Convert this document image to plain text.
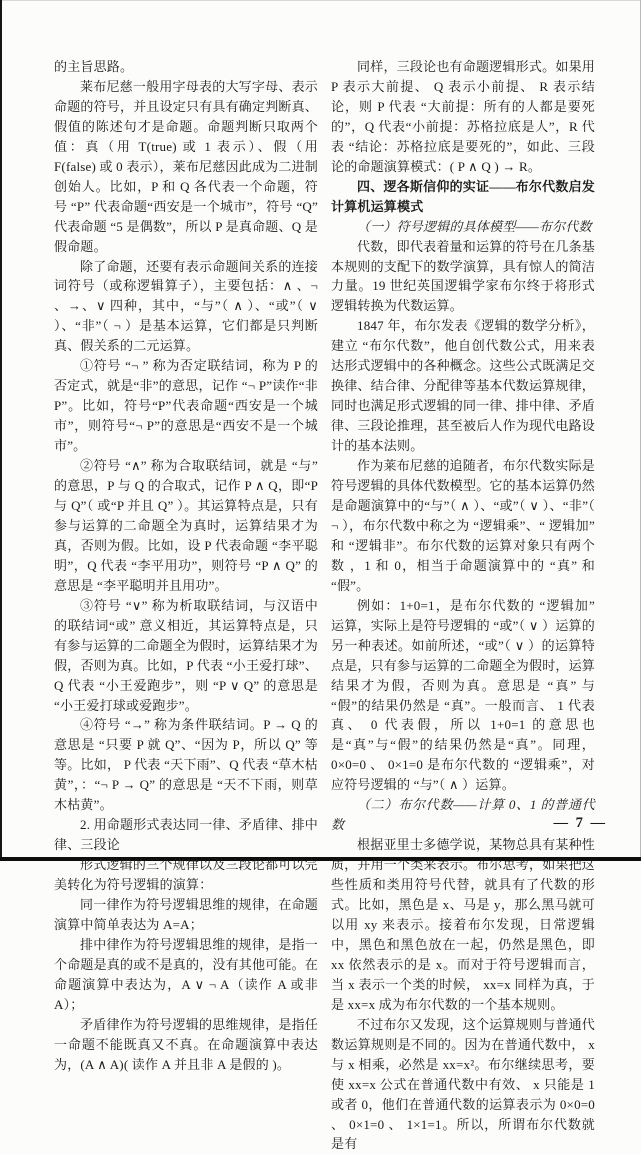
的主旨思路。

莱布尼慈一般用字母表的大写字母、表示命题的符号，并且设定只有具有确定判断真、假值的陈述句才是命题。命题判断只取两个值：真（用 T(true) 或 1 表示）、假（用 F(false) 或 0 表示），莱布尼慈因此成为二进制创始人。比如，P 和 Q 各代表一个命题，符号 “P” 代表命题“西安是一个城市”，符号 “Q” 代表命题 “5 是偶数”，所以 P 是真命题、Q 是假命题。

除了命题，还要有表示命题间关系的连接词符号（或称逻辑算子），主要包括：∧ 、¬ 、→、∨ 四种，其中，“与”（ ∧ ）、“或”（ ∨ ）、“非”（ ¬ ）是基本运算，它们都是只判断真、假关系的二元运算。

①符号 “¬ ” 称为否定联结词，称为 P 的否定式，就是“非”的意思，记作 “¬ P”读作“非 P”。比如，符号“P”代表命题“西安是一个城市”，则符号“¬ P”的意思是“西安不是一个城市”。

②符号 “∧” 称为合取联结词，就是 “与” 的意思，P 与 Q 的合取式，记作 P ∧ Q，即“P 与 Q”（ 或“P 并且 Q” ）。其运算特点是，只有参与运算的二命题全为真时，运算结果才为真，否则为假。比如，设 P 代表命题 “李平聪明”，Q 代表 “李平用功”，则符号 “P ∧ Q” 的意思是 “李平聪明并且用功”。

③符号 “∨” 称为析取联结词，与汉语中的联结词“或” 意义相近，其运算特点是，只有参与运算的二命题全为假时，运算结果才为假，否则为真。比如，P 代表 “小王爱打球”、 Q 代表 “小王爱跑步”，则 “P ∨ Q” 的意思是 “小王爱打球或爱跑步”。

④符号 “→” 称为条件联结词。P → Q 的意思是 “只要 P 就 Q”、“因为 P，所以 Q” 等等。比如， P 代表 “天下雨”、Q 代表 “草木枯黄”，：“¬ P → Q” 的意思是 “天不下雨，则草木枯黄”。

2. 用命题形式表达同一律、矛盾律、排中律、三段论

形式逻辑的三个规律以及三段论都可以完美转化为符号逻辑的演算：

同一律作为符号逻辑思维的规律，在命题演算中简单表达为 A=A；

排中律作为符号逻辑思维的规律，是指一个命题是真的或不是真的，没有其他可能。在命题演算中表达为，A ∨ ¬ A（读作 A 或非 A）；

矛盾律作为符号逻辑的思维规律，是指任一命题不能既真又不真。在命题演算中表达为，(A ∧ A)( 读作 A 并且非 A 是假的 )。

同样，三段论也有命题逻辑形式。如果用 P 表示大前提、 Q 表示小前提、 R 表示结论，则 P 代表 “大前提：所有的人都是要死的”，Q 代表“小前提：苏格拉底是人”，R 代表 “结论：苏格拉底是要死的”，如此、三段论的命题演算模式：( P ∧ Q ) → R。

四、逻各斯信仰的实证——布尔代数启发计算机运算模式

（一）符号逻辑的具体模型——布尔代数

代数，即代表着量和运算的符号在几条基本规则的支配下的数学演算，具有惊人的简洁力量。19 世纪英国逻辑学家布尔终于将形式逻辑转换为代数运算。

1847 年，布尔发表《逻辑的数学分析》，建立 “布尔代数”，他自创代数公式，用来表达形式逻辑中的各种概念。这些公式既满足交换律、结合律、分配律等基本代数运算规律，同时也满足形式逻辑的同一律、排中律、矛盾律、三段论推理，甚至被后人作为现代电路设计的基本法则。

作为莱布尼慈的追随者，布尔代数实际是符号逻辑的具体代数模型。它的基本运算仍然是命题演算中的“与”（ ∧ ）、“或”（ ∨ ）、“非”（ ¬ ），布尔代数中称之为 “逻辑乘”、“ 逻辑加” 和 “逻辑非”。布尔代数的运算对象只有两个数 ，1 和 0，相当于命题演算中的 “真” 和 “假”。

例如：1+0=1，是布尔代数的 “逻辑加” 运算，实际上是符号逻辑的 “或”（ ∨ ）运算的另一种表述。如前所述，“或”（ ∨ ）的运算特点是，只有参与运算的二命题全为假时，运算结果才为假，否则为真。意思是 “真” 与 “假”的结果仍然是 “真”。一般而言、 1 代表真、 0 代表假，所以 1+0=1 的意思也是“真”与“假”的结果仍然是“真”。同理， 0×0=0 、 0×1=0 是布尔代数的 “逻辑乘”，对应符号逻辑的 “与”（ ∧ ）运算。

（二）布尔代数——计算 0、1 的普通代数

根据亚里士多德学说，某物总具有某种性质，并用一个类来表示。布尔思考，如果把这些性质和类用符号代替，就具有了代数的形式。比如，黑色是 x、马是 y，那么黑马就可以用 xy 来表示。接着布尔发现，日常逻辑中，黑色和黑色放在一起，仍然是黑色，即 xx 依然表示的是 x。而对于符号逻辑而言，当 x 表示一个类的时候， xx=x 同样为真，于是 xx=x 成为布尔代数的一个基本规则。

不过布尔又发现，这个运算规则与普通代数运算规则是不同的。因为在普通代数中， x 与 x 相乘，必然是 xx=x²。布尔继续思考，要使 xx=x 公式在普通代数中有效、 x 只能是 1 或者 0，他们在普通代数的运算表示为 0×0=0 、 0×1=0 、 1×1=1。所以，所谓布尔代数就是有

— 7 —
